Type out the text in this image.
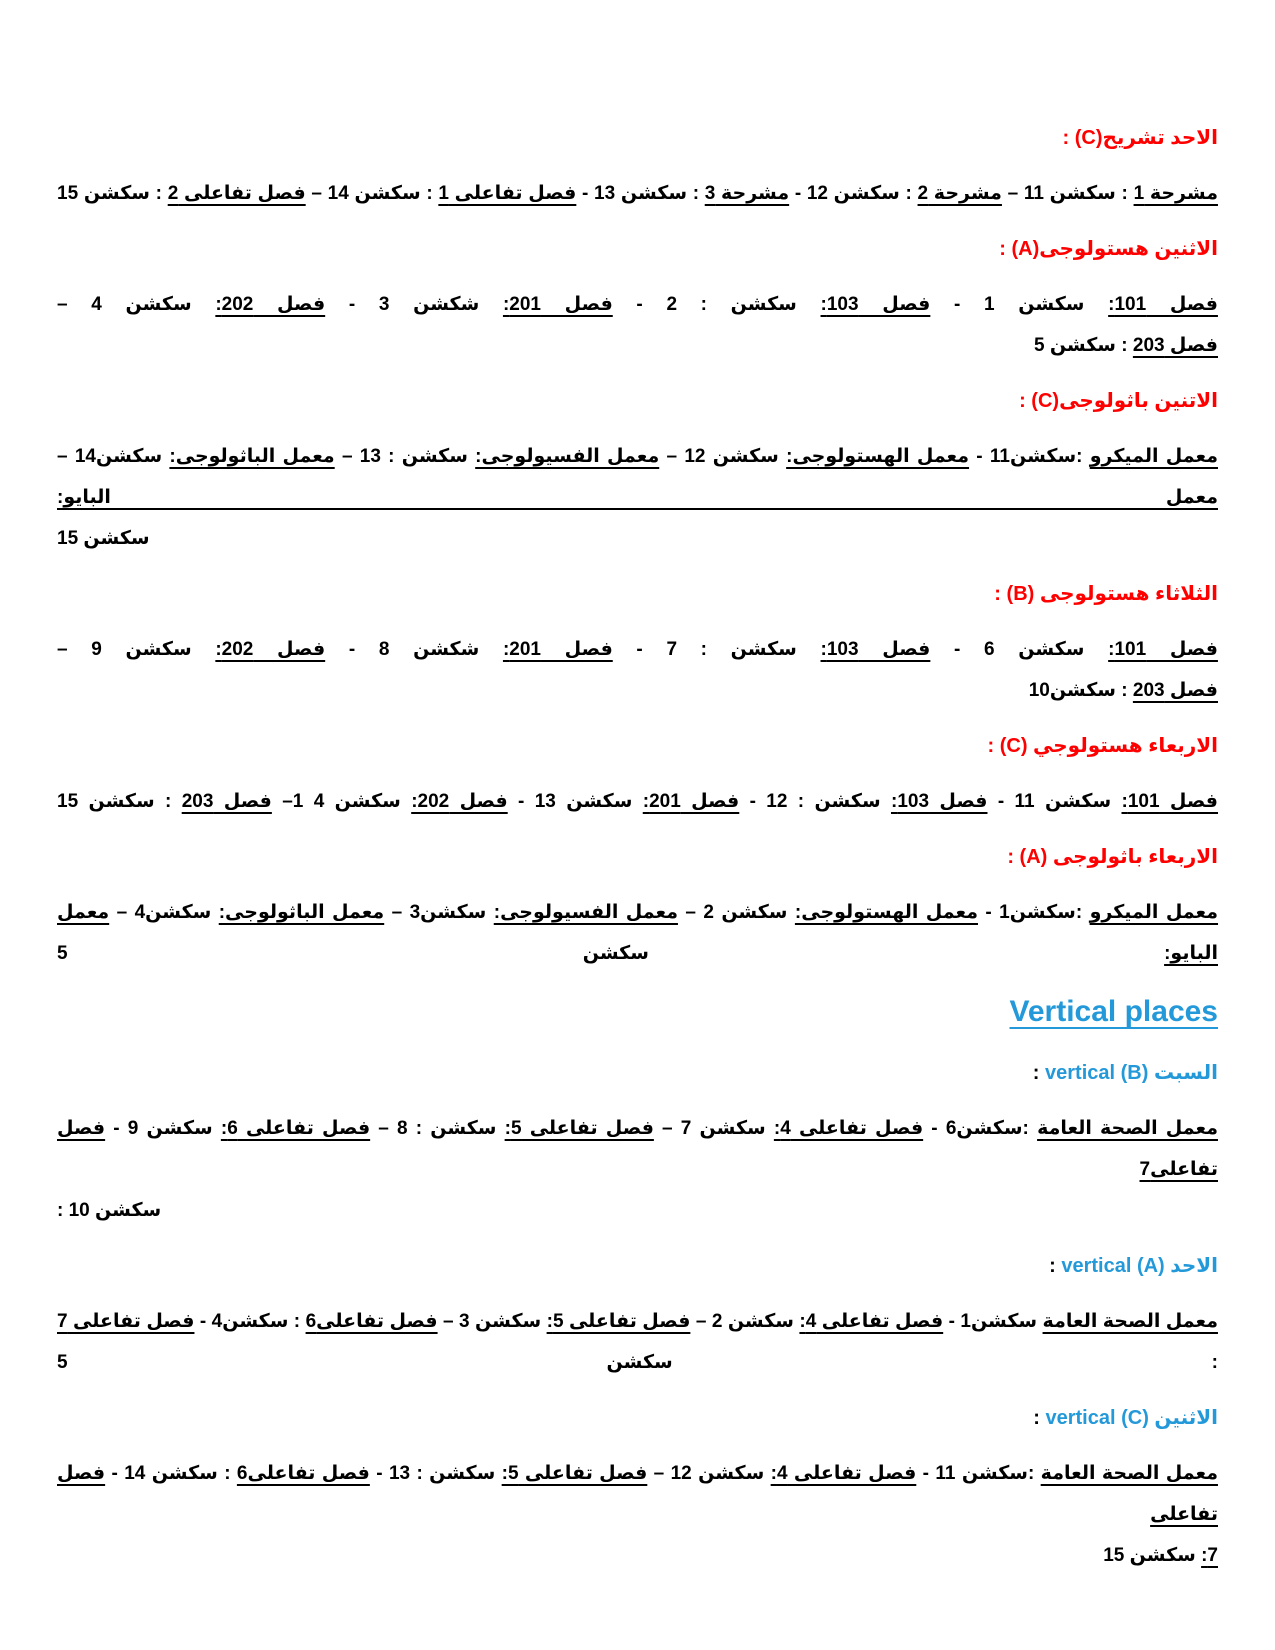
الاحد تشريح(C) :

مشرحة 1 : سكشن 11 – مشرحة 2 : سكشن 12 - مشرحة 3 : سكشن 13 - فصل تفاعلى 1 : سكشن 14 – فصل تفاعلى 2 : سكشن 15

الاثنين هستولوجى(A) :

فصل 101: سكشن 1 - فصل 103: سكشن : 2 - فصل 201: شكشن 3 - فصل 202: سكشن 4 –
فصل 203 : سكشن 5

الاتنين باثولوجى(C) :

معمل الميكرو :سكشن11 - معمل الهستولوجى: سكشن 12 – معمل الفسيولوجى: سكشن : 13 – معمل الباثولوجى: سكشن14 – معمل البايو:
سكشن 15

الثلاثاء هستولوجى (B) :

فصل 101: سكشن 6 - فصل 103: سكشن : 7 - فصل 201: شكشن 8 - فصل 202: سكشن 9 –
فصل 203 : سكشن10

الاربعاء هستولوجي (C) :

فصل 101: سكشن 11 - فصل 103: سكشن : 12 - فصل 201: سكشن 13 - فصل 202: سكشن 4 1– فصل 203 : سكشن 15

الاربعاء باثولوجى (A) :

معمل الميكرو :سكشن1 - معمل الهستولوجى: سكشن 2 – معمل الفسيولوجى: سكشن3 – معمل الباثولوجى: سكشن4 – معمل البايو: سكشن 5

Vertical places

السبت vertical (B) :

معمل الصحة العامة :سكشن6 - فصل تفاعلى 4: سكشن 7 – فصل تفاعلى 5: سكشن : 8 – فصل تفاعلى 6: سكشن 9 - فصل تفاعلى7
: سكشن 10

الاحد vertical (A) :

معمل الصحة العامة سكشن1 - فصل تفاعلى 4: سكشن 2 – فصل تفاعلى 5: سكشن 3 – فصل تفاعلى6 : سكشن4 - فصل تفاعلى 7 : سكشن 5

الاثنين vertical (C) :

معمل الصحة العامة :سكشن 11 - فصل تفاعلى 4: سكشن 12 – فصل تفاعلى 5: سكشن : 13 - فصل تفاعلى6 : سكشن 14 - فصل تفاعلى
7: سكشن 15
